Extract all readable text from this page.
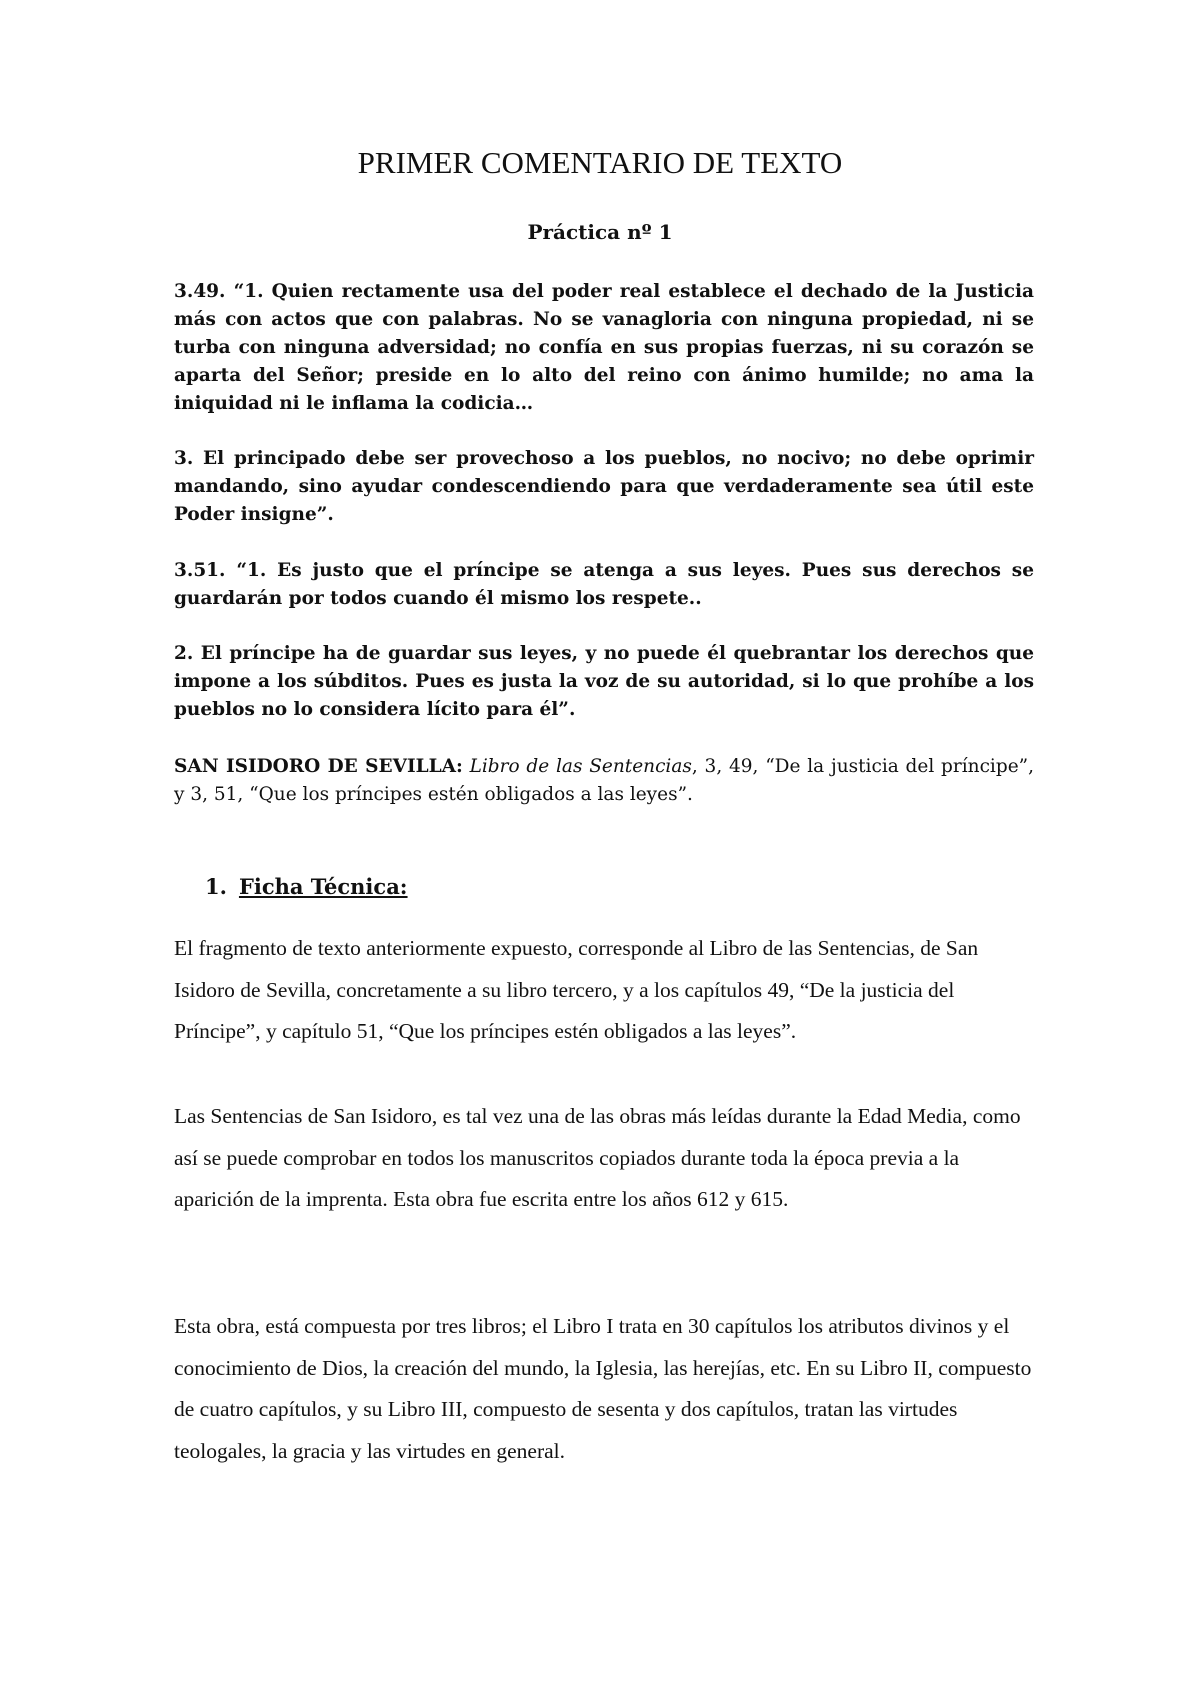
PRIMER COMENTARIO DE TEXTO
Práctica nº 1

3.49. “1. Quien rectamente usa del poder real establece el dechado de la Justicia más con actos que con palabras. No se vanagloria con ninguna propiedad, ni se turba con ninguna adversidad; no confía en sus propias fuerzas, ni su corazón se aparta del Señor; preside en lo alto del reino con ánimo humilde; no ama la iniquidad ni le inflama la codicia…

3. El principado debe ser provechoso a los pueblos, no nocivo; no debe oprimir mandando, sino ayudar condescendiendo para que verdaderamente sea útil este Poder insigne”.

3.51. “1. Es justo que el príncipe se atenga a sus leyes. Pues sus derechos se guardarán por todos cuando él mismo los respete..

2. El príncipe ha de guardar sus leyes, y no puede él quebrantar los derechos que impone a los súbditos. Pues es justa la voz de su autoridad, si lo que prohíbe a los pueblos no lo considera lícito para él”.

SAN ISIDORO DE SEVILLA: Libro de las Sentencias, 3, 49, “De la justicia del príncipe”, y 3, 51, “Que los príncipes estén obligados a las leyes”.

1. Ficha Técnica:

El fragmento de texto anteriormente expuesto, corresponde al Libro de las Sentencias, de San Isidoro de Sevilla, concretamente a su libro tercero, y a los capítulos 49, “De la justicia del Príncipe”, y capítulo 51, “Que los príncipes estén obligados a las leyes”.

Las Sentencias de San Isidoro, es tal vez una de las obras más leídas durante la Edad Media, como así se puede comprobar en todos los manuscritos copiados durante toda la época previa a la aparición de la imprenta. Esta obra fue escrita entre los años 612 y 615.

Esta obra, está compuesta por tres libros; el Libro I trata en 30 capítulos los atributos divinos y el conocimiento de Dios, la creación del mundo, la Iglesia, las herejías, etc. En su Libro II, compuesto de cuatro capítulos, y su Libro III, compuesto de sesenta y dos capítulos, tratan las virtudes teologales, la gracia y las virtudes en general.
